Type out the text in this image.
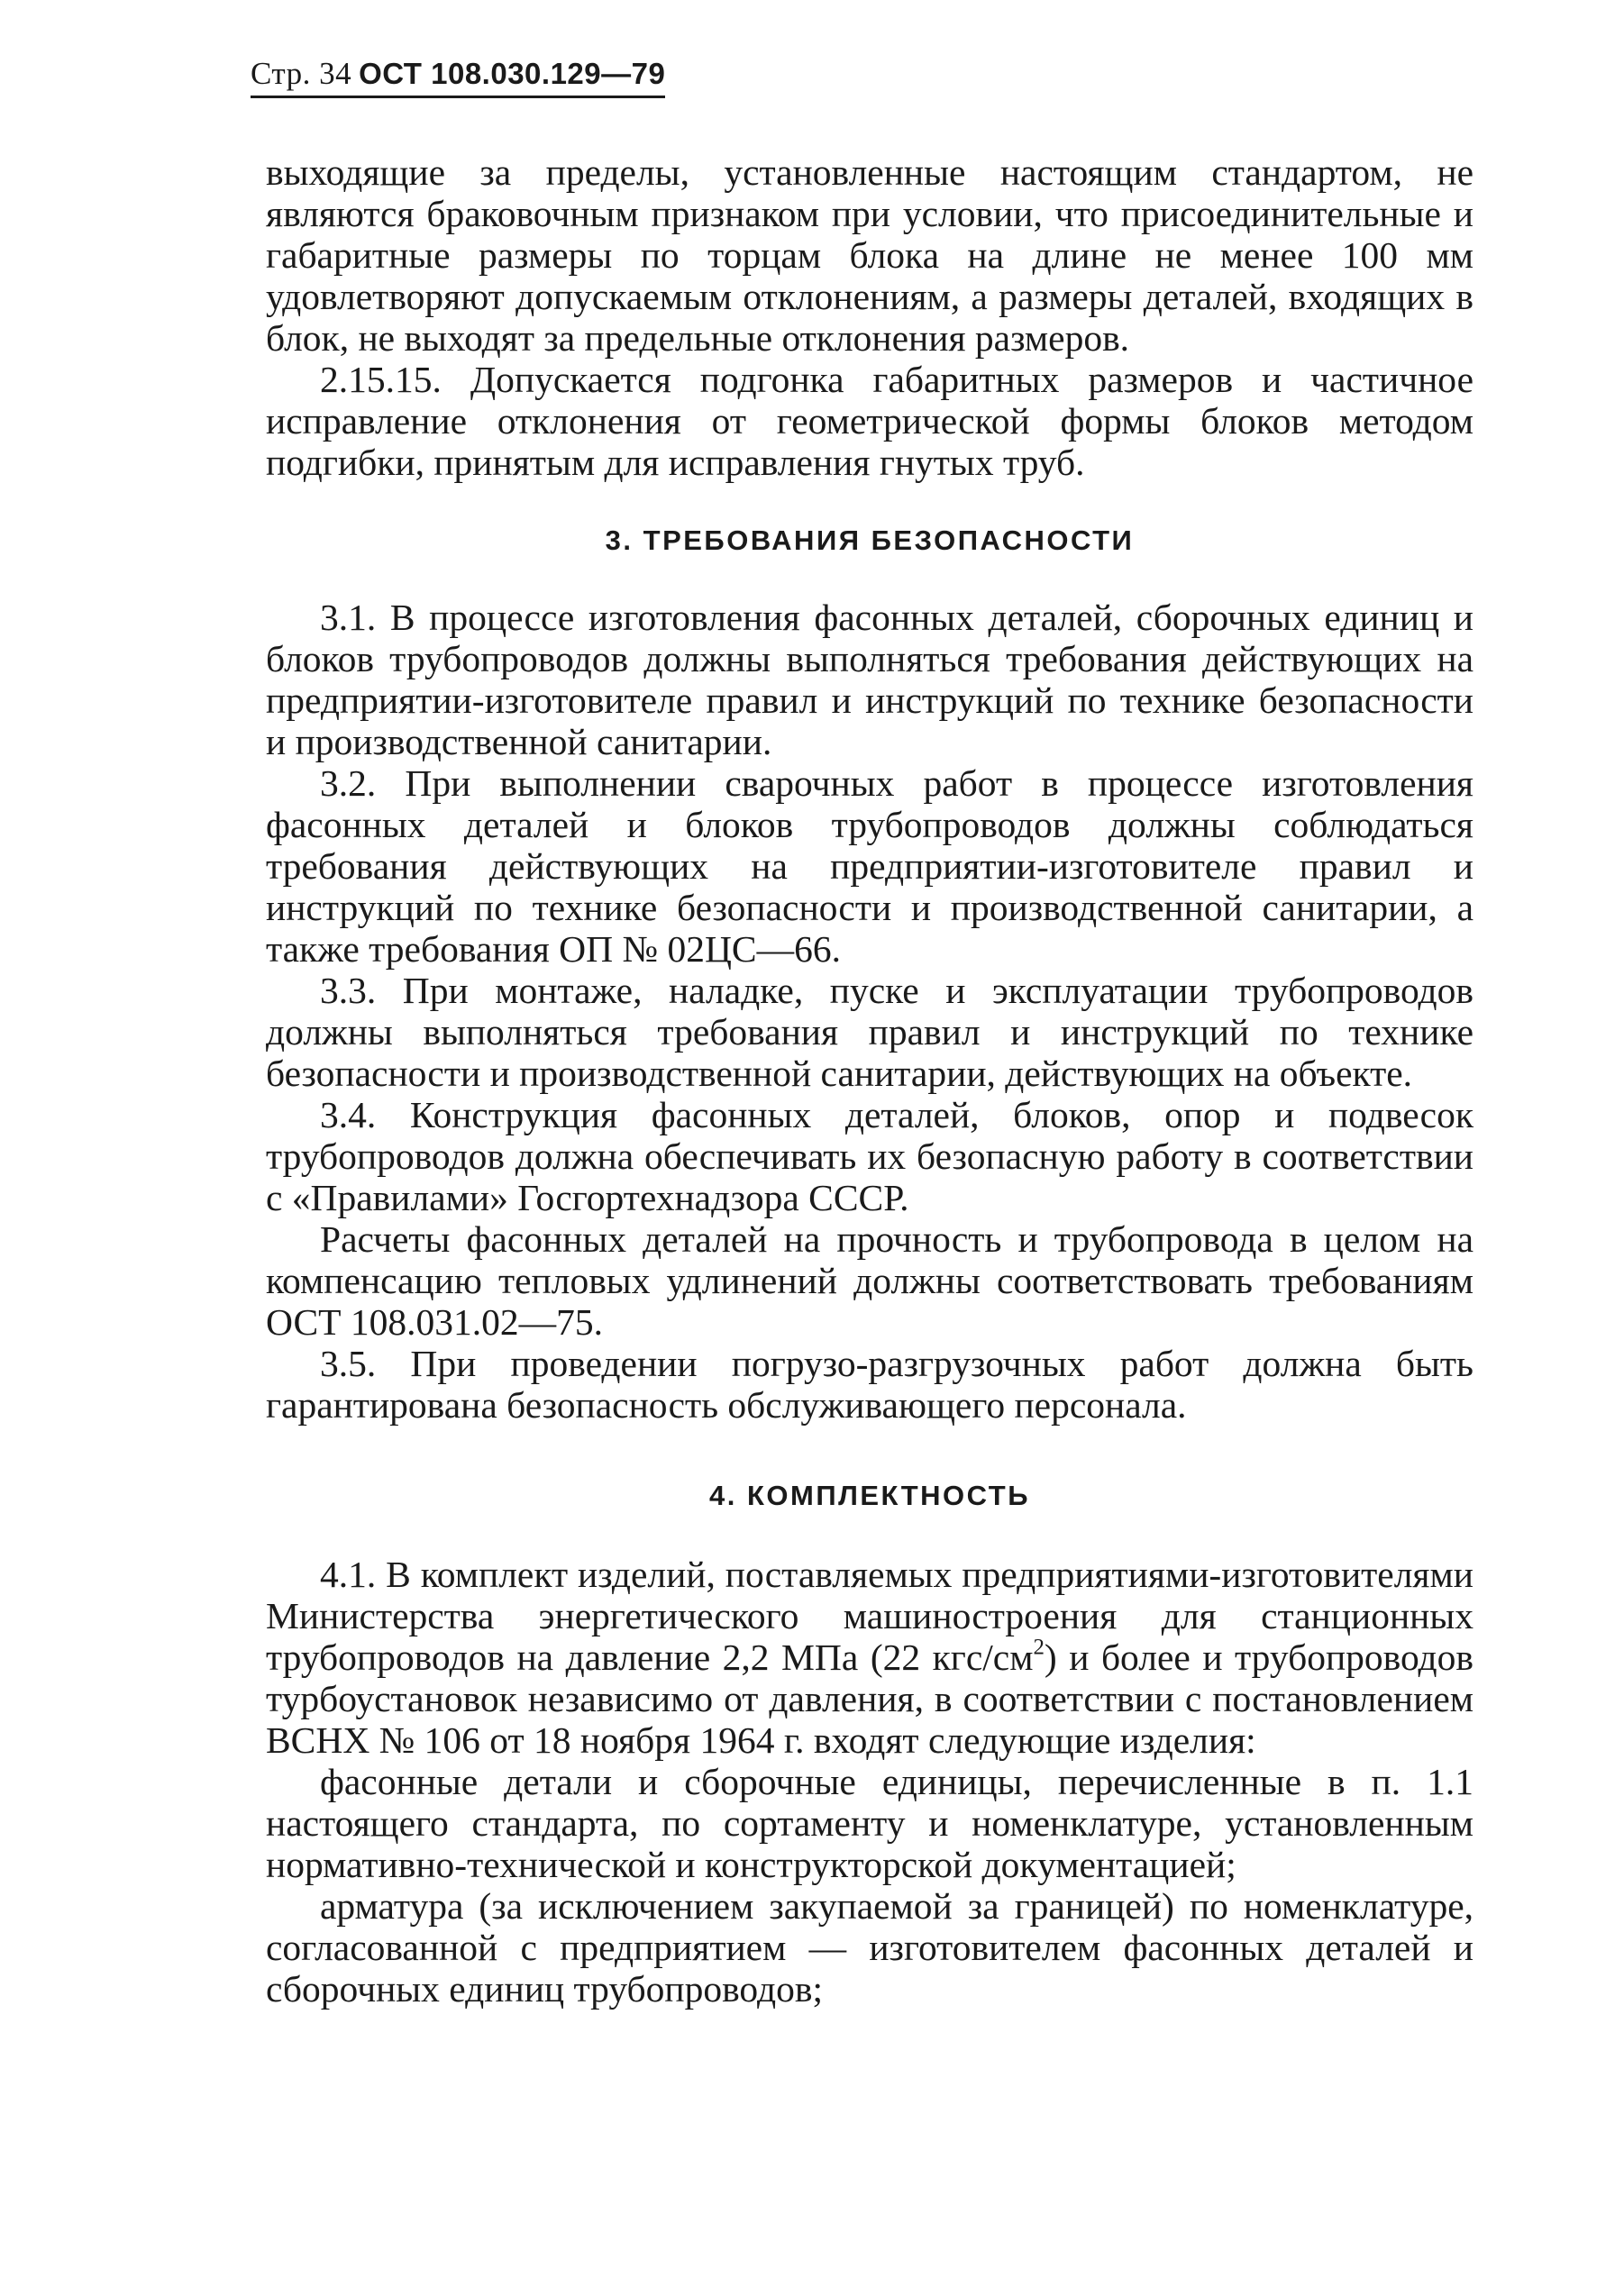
Стр. 34 ОСТ 108.030.129—79

выходящие за пределы, установленные настоящим стандартом, не являются браковочным признаком при условии, что присоединительные и габаритные размеры по торцам блока на длине не менее 100 мм удовлетворяют допускаемым отклонениям, а размеры деталей, входящих в блок, не выходят за предельные отклонения размеров.

2.15.15. Допускается подгонка габаритных размеров и частичное исправление отклонения от геометрической формы блоков методом подгибки, принятым для исправления гнутых труб.

3. ТРЕБОВАНИЯ БЕЗОПАСНОСТИ

3.1. В процессе изготовления фасонных деталей, сборочных единиц и блоков трубопроводов должны выполняться требования действующих на предприятии-изготовителе правил и инструкций по технике безопасности и производственной санитарии.

3.2. При выполнении сварочных работ в процессе изготовления фасонных деталей и блоков трубопроводов должны соблюдаться требования действующих на предприятии-изготовителе правил и инструкций по технике безопасности и производственной санитарии, а также требования ОП № 02ЦС—66.

3.3. При монтаже, наладке, пуске и эксплуатации трубопроводов должны выполняться требования правил и инструкций по технике безопасности и производственной санитарии, действующих на объекте.

3.4. Конструкция фасонных деталей, блоков, опор и подвесок трубопроводов должна обеспечивать их безопасную работу в соответствии с «Правилами» Госгортехнадзора СССР.

Расчеты фасонных деталей на прочность и трубопровода в целом на компенсацию тепловых удлинений должны соответствовать требованиям ОСТ 108.031.02—75.

3.5. При проведении погрузо-разгрузочных работ должна быть гарантирована безопасность обслуживающего персонала.

4. КОМПЛЕКТНОСТЬ

4.1. В комплект изделий, поставляемых предприятиями-изготовителями Министерства энергетического машиностроения для станционных трубопроводов на давление 2,2 МПа (22 кгс/$см^2$) и более и трубопроводов турбоустановок независимо от давления, в соответствии с постановлением ВСНХ № 106 от 18 ноября 1964 г. входят следующие изделия:

фасонные детали и сборочные единицы, перечисленные в п. 1.1 настоящего стандарта, по сортаменту и номенклатуре, установленным нормативно-технической и конструкторской документацией;

арматура (за исключением закупаемой за границей) по номенклатуре, согласованной с предприятием — изготовителем фасонных деталей и сборочных единиц трубопроводов;
